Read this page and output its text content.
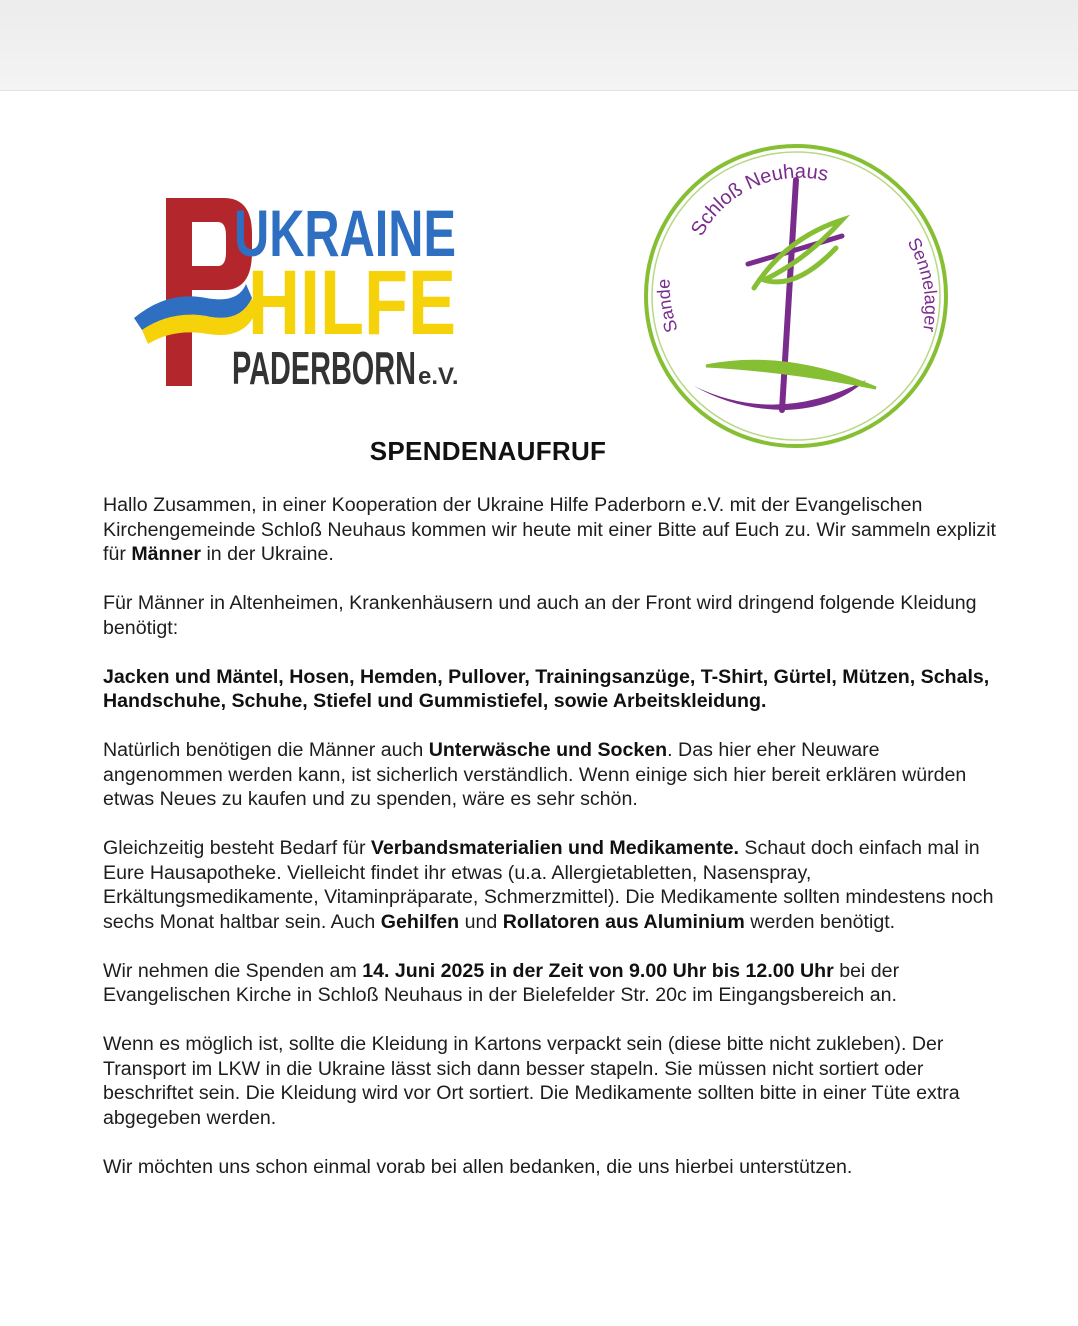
UKRAINE
HILFE
PADERBORN e.V.
Schloß Neuhaus
Sande
Sennelager
SPENDENAUFRUF

Hallo Zusammen, in einer Kooperation der Ukraine Hilfe Paderborn e.V. mit der Evangelischen Kirchengemeinde Schloß Neuhaus kommen wir heute mit einer Bitte auf Euch zu. Wir sammeln explizit für Männer in der Ukraine.

Für Männer in Altenheimen, Krankenhäusern und auch an der Front wird dringend folgende Kleidung benötigt:

Jacken und Mäntel, Hosen, Hemden, Pullover, Trainingsanzüge, T-Shirt, Gürtel, Mützen, Schals, Handschuhe, Schuhe, Stiefel und Gummistiefel, sowie Arbeitskleidung.

Natürlich benötigen die Männer auch Unterwäsche und Socken. Das hier eher Neuware angenommen werden kann, ist sicherlich verständlich. Wenn einige sich hier bereit erklären würden etwas Neues zu kaufen und zu spenden, wäre es sehr schön.

Gleichzeitig besteht Bedarf für Verbandsmaterialien und Medikamente. Schaut doch einfach mal in Eure Hausapotheke. Vielleicht findet ihr etwas (u.a. Allergietabletten, Nasenspray, Erkältungsmedikamente, Vitaminpräparate, Schmerzmittel). Die Medikamente sollten mindestens noch sechs Monat haltbar sein. Auch Gehilfen und Rollatoren aus Aluminium werden benötigt.

Wir nehmen die Spenden am 14. Juni 2025 in der Zeit von 9.00 Uhr bis 12.00 Uhr bei der Evangelischen Kirche in Schloß Neuhaus in der Bielefelder Str. 20c im Eingangsbereich an.

Wenn es möglich ist, sollte die Kleidung in Kartons verpackt sein (diese bitte nicht zukleben). Der Transport im LKW in die Ukraine lässt sich dann besser stapeln. Sie müssen nicht sortiert oder beschriftet sein. Die Kleidung wird vor Ort sortiert. Die Medikamente sollten bitte in einer Tüte extra abgegeben werden.

Wir möchten uns schon einmal vorab bei allen bedanken, die uns hierbei unterstützen.
